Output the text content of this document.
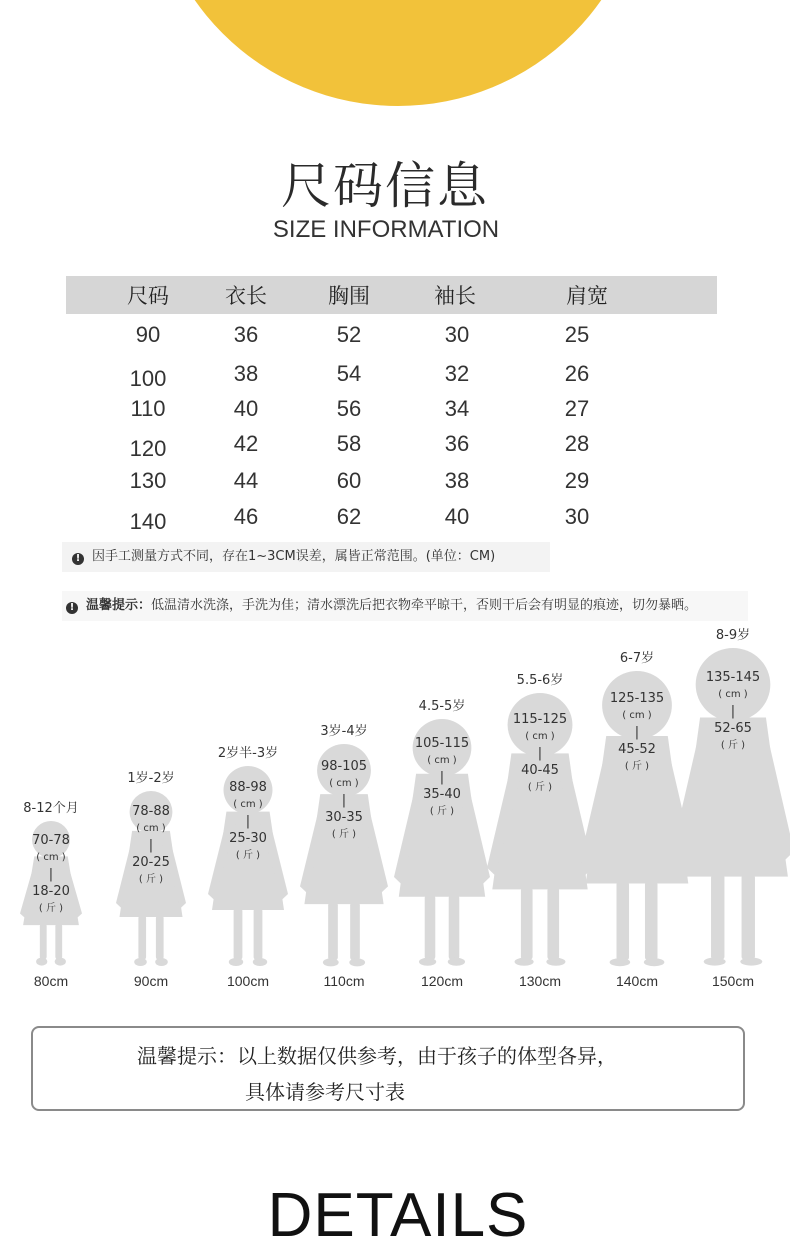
尺码信息
SIZE INFORMATION
尺码	衣长	胸围	袖长	肩宽
90	36	52	30	25
100	38	54	32	26
110	40	56	34	27
120	42	58	36	28
130	44	60	38	29
140	46	62	40	30
! 因手工测量方式不同，存在1~3CM误差，属皆正常范围。(单位：CM)
! 温馨提示：低温清水洗涤，手洗为佳；清水漂洗后把衣物牵平晾干，否则干后会有明显的痕迹，切勿暴晒。
8-12个月
70-78
( cm )
|
18-20
( 斤 )
80cm
1岁-2岁
78-88
( cm )
|
20-25
( 斤 )
90cm
2岁半-3岁
88-98
( cm )
|
25-30
( 斤 )
100cm
3岁-4岁
98-105
( cm )
|
30-35
( 斤 )
110cm
4.5-5岁
105-115
( cm )
|
35-40
( 斤 )
120cm
5.5-6岁
115-125
( cm )
|
40-45
( 斤 )
130cm
6-7岁
125-135
( cm )
|
45-52
( 斤 )
140cm
8-9岁
135-145
( cm )
|
52-65
( 斤 )
150cm
温馨提示：以上数据仅供参考，由于孩子的体型各异，
具体请参考尺寸表
DETAILS
